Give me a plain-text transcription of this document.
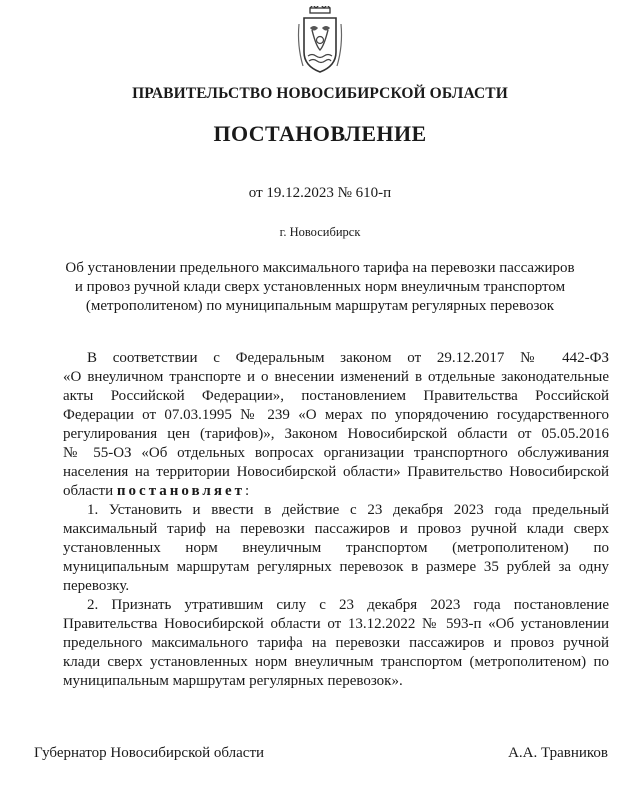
ПРАВИТЕЛЬСТВО НОВОСИБИРСКОЙ ОБЛАСТИ
ПОСТАНОВЛЕНИЕ
от 19.12.2023 № 610-п
г. Новосибирск
Об установлении предельного максимального тарифа на перевозки пассажиров
и провоз ручной клади сверх установленных норм внеуличным транспортом
(метрополитеном) по муниципальным маршрутам регулярных перевозок
В соответствии с Федеральным законом от 29.12.2017 № 442-ФЗ
«О внеуличном транспорте и о внесении изменений в отдельные законодательные
акты Российской Федерации», постановлением Правительства Российской
Федерации от 07.03.1995 № 239 «О мерах по упорядочению государственного
регулирования цен (тарифов)», Законом Новосибирской области от 05.05.2016
№ 55-ОЗ «Об отдельных вопросах организации транспортного обслуживания
населения на территории Новосибирской области» Правительство Новосибирской
области постановляет:
1. Установить и ввести в действие с 23 декабря 2023 года предельный
максимальный тариф на перевозки пассажиров и провоз ручной клади сверх
установленных норм внеуличным транспортом (метрополитеном) по
муниципальным маршрутам регулярных перевозок в размере 35 рублей за одну
перевозку.
2. Признать утратившим силу с 23 декабря 2023 года постановление
Правительства Новосибирской области от 13.12.2022 № 593-п «Об установлении
предельного максимального тарифа на перевозки пассажиров и провоз ручной
клади сверх установленных норм внеуличным транспортом (метрополитеном) по
муниципальным маршрутам регулярных перевозок».
Губернатор Новосибирской области	А.А. Травников
